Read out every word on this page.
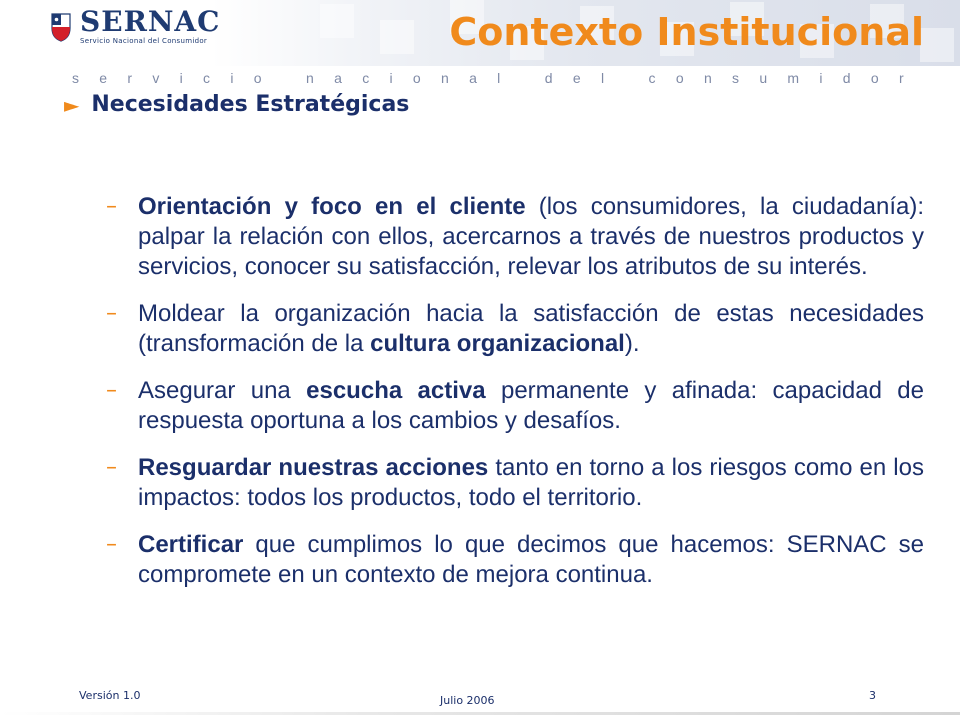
SERNAC
Servicio Nacional del Consumidor	Contexto Institucional
servicio nacional del consumidor
► Necesidades Estratégicas
– Orientación y foco en el cliente (los consumidores, la ciudadanía): palpar la relación con ellos, acercarnos a través de nuestros productos y servicios, conocer su satisfacción, relevar los atributos de su interés.

– Moldear la organización hacia la satisfacción de estas necesidades (transformación de la cultura organizacional).

– Asegurar una escucha activa permanente y afinada: capacidad de respuesta oportuna a los cambios y desafíos.

– Resguardar nuestras acciones tanto en torno a los riesgos como en los impactos: todos los productos, todo el territorio.

– Certificar que cumplimos lo que decimos que hacemos: SERNAC se compromete en un contexto de mejora continua.

Versión 1.0	Julio 2006	3
